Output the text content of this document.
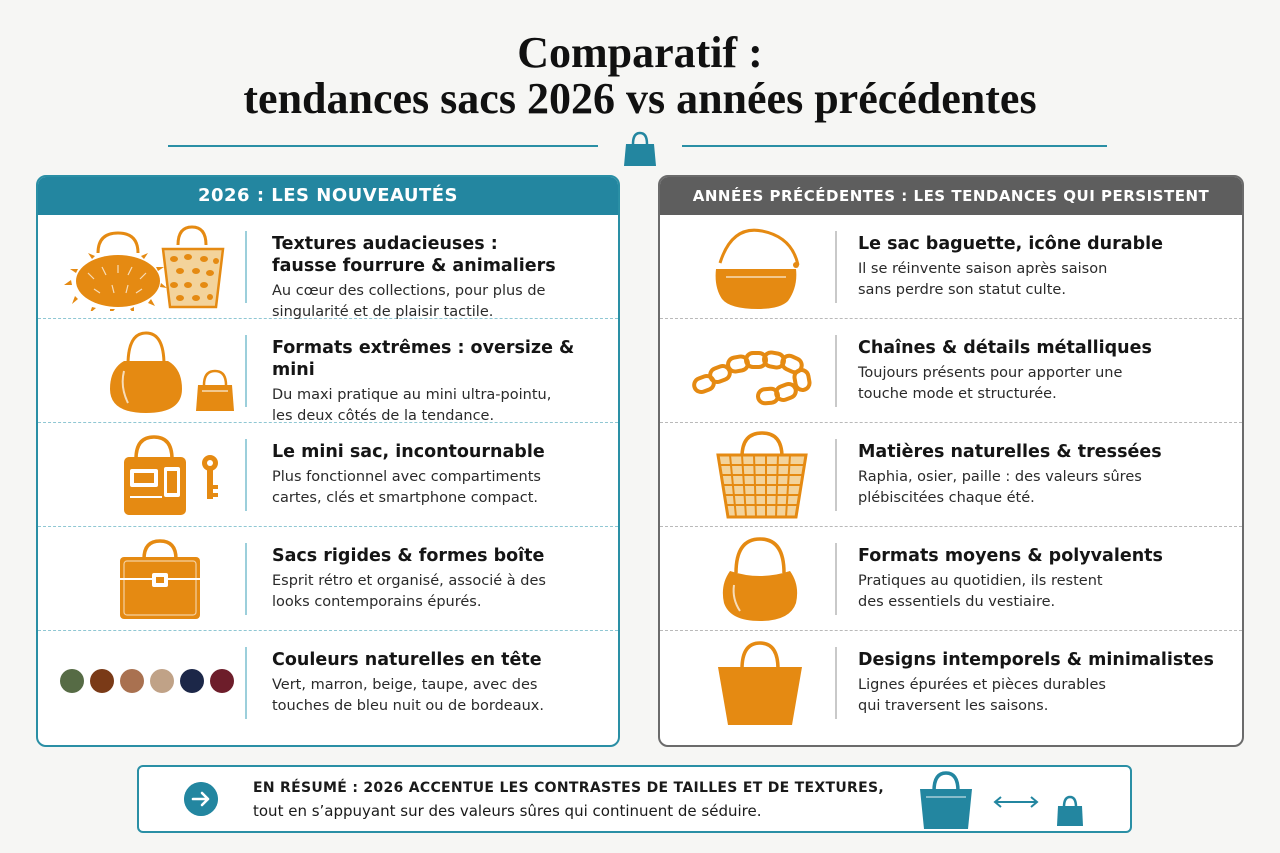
Comparatif :
tendances sacs 2026 vs années précédentes
2026 : LES NOUVEAUTÉS
Textures audacieuses :
fausse fourrure & animaliers
Au cœur des collections, pour plus de
singularité et de plaisir tactile.
Formats extrêmes : oversize & mini
Du maxi pratique au mini ultra-pointu,
les deux côtés de la tendance.
Le mini sac, incontournable
Plus fonctionnel avec compartiments
cartes, clés et smartphone compact.
Sacs rigides & formes boîte
Esprit rétro et organisé, associé à des
looks contemporains épurés.
Couleurs naturelles en tête
Vert, marron, beige, taupe, avec des
touches de bleu nuit ou de bordeaux.
ANNÉES PRÉCÉDENTES : LES TENDANCES QUI PERSISTENT
Le sac baguette, icône durable
Il se réinvente saison après saison
sans perdre son statut culte.
Chaînes & détails métalliques
Toujours présents pour apporter une
touche mode et structurée.
Matières naturelles & tressées
Raphia, osier, paille : des valeurs sûres
plébiscitées chaque été.
Formats moyens & polyvalents
Pratiques au quotidien, ils restent
des essentiels du vestiaire.
Designs intemporels & minimalistes
Lignes épurées et pièces durables
qui traversent les saisons.
EN RÉSUMÉ : 2026 ACCENTUE LES CONTRASTES DE TAILLES ET DE TEXTURES,
tout en s’appuyant sur des valeurs sûres qui continuent de séduire.
